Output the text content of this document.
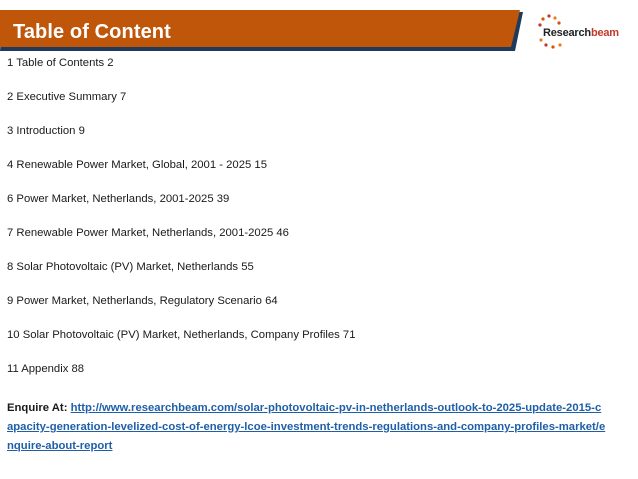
Table of Content	Researchbeam
1 Table of Contents 2
2 Executive Summary 7
3 Introduction 9
4 Renewable Power Market, Global, 2001 - 2025 15
6 Power Market, Netherlands, 2001-2025 39
7 Renewable Power Market, Netherlands, 2001-2025 46
8 Solar Photovoltaic (PV) Market, Netherlands 55
9 Power Market, Netherlands, Regulatory Scenario 64
10 Solar Photovoltaic (PV) Market, Netherlands, Company Profiles 71
11 Appendix 88
Enquire At: http://www.researchbeam.com/solar-photovoltaic-pv-in-netherlands-outlook-to-2025-update-2015-capacity-generation-levelized-cost-of-energy-lcoe-investment-trends-regulations-and-company-profiles-market/enquire-about-report
